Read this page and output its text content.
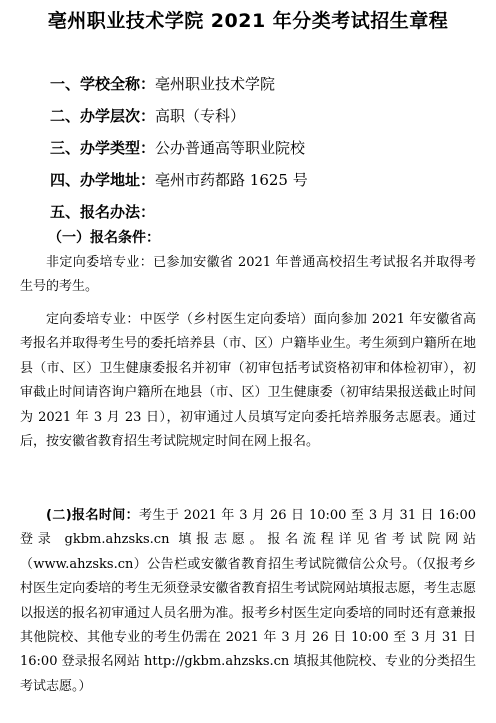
亳州职业技术学院 2021 年分类考试招生章程
一、学校全称：亳州职业技术学院
二、办学层次：高职（专科）
三、办学类型：公办普通高等职业院校
四、办学地址：亳州市药都路 1625 号
五、报名办法：
（一）报名条件：

非定向委培专业：已参加安徽省 2021 年普通高校招生考试报名并取得考生号的考生。

定向委培专业：中医学（乡村医生定向委培）面向参加 2021 年安徽省高考报名并取得考生号的委托培养县（市、区）户籍毕业生。考生须到户籍所在地县（市、区）卫生健康委报名并初审（初审包括考试资格初审和体检初审），初审截止时间请咨询户籍所在地县（市、区）卫生健康委（初审结果报送截止时间为 2021 年 3 月 23 日），初审通过人员填写定向委托培养服务志愿表。通过后，按安徽省教育招生考试院规定时间在网上报名。

(二)报名时间：考生于 2021 年 3 月 26 日 10:00 至 3 月 31 日 16:00 登录 gkbm.ahzsks.cn 填报志愿。报名流程详见省考试院网站（www.ahzsks.cn）公告栏或安徽省教育招生考试院微信公众号。（仅报考乡村医生定向委培的考生无须登录安徽省教育招生考试院网站填报志愿，考生志愿以报送的报名初审通过人员名册为准。报考乡村医生定向委培的同时还有意兼报其他院校、其他专业的考生仍需在 2021 年 3 月 26 日 10:00 至 3 月 31 日 16:00 登录报名网站 http://gkbm.ahzsks.cn 填报其他院校、专业的分类招生考试志愿。）
